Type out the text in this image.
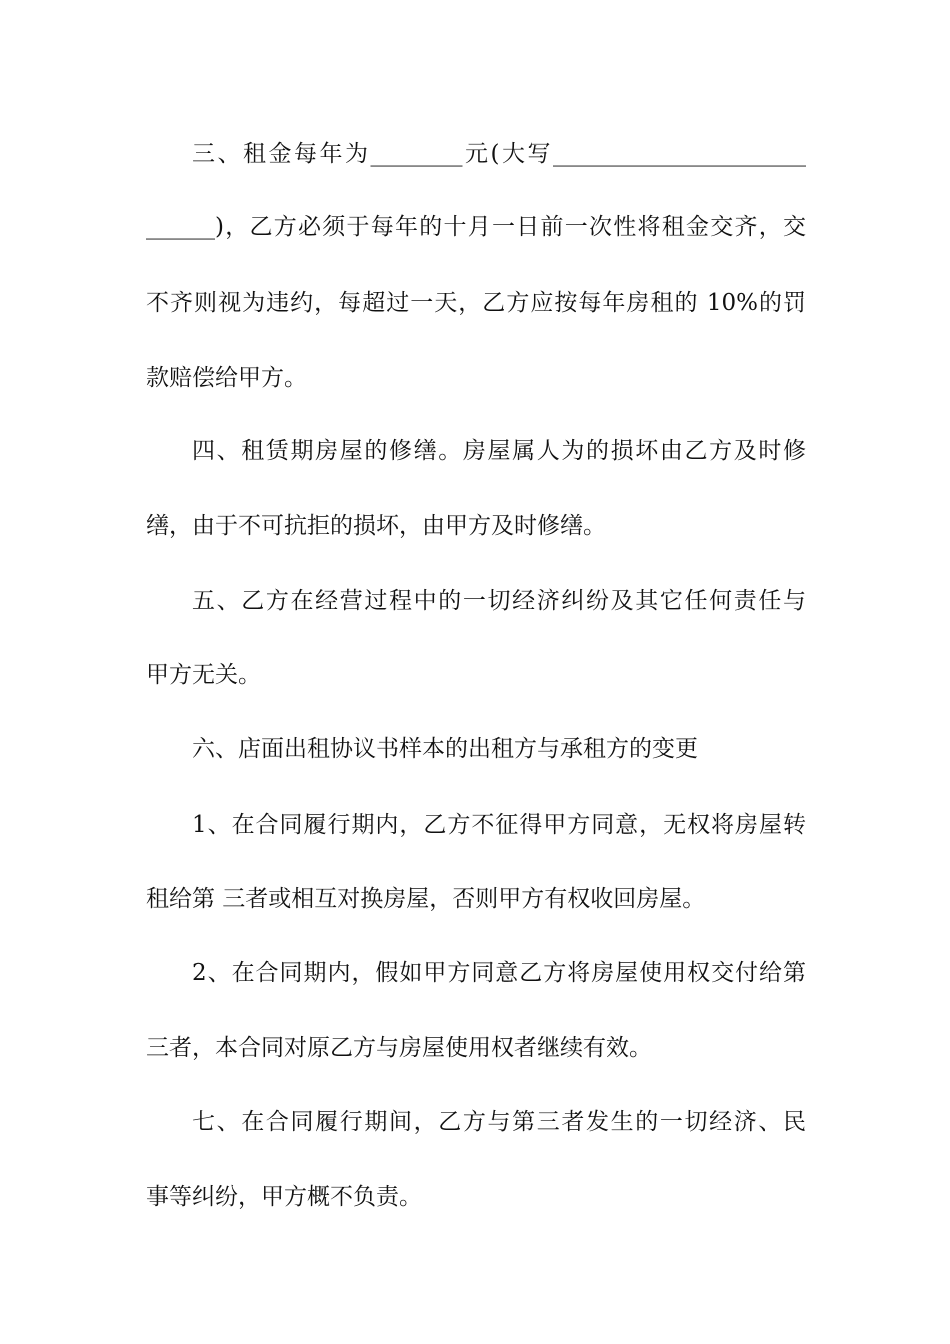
三、租金每年为________元(大写______________________
______)，乙方必须于每年的十月一日前一次性将租金交齐，交
不齐则视为违约，每超过一天，乙方应按每年房租的 10%的罚
款赔偿给甲方。
四、租赁期房屋的修缮。房屋属人为的损坏由乙方及时修
缮，由于不可抗拒的损坏，由甲方及时修缮。
五、乙方在经营过程中的一切经济纠纷及其它任何责任与
甲方无关。
六、店面出租协议书样本的出租方与承租方的变更
1、在合同履行期内，乙方不征得甲方同意，无权将房屋转
租给第 三者或相互对换房屋，否则甲方有权收回房屋。
2、在合同期内，假如甲方同意乙方将房屋使用权交付给第
三者，本合同对原乙方与房屋使用权者继续有效。
七、在合同履行期间，乙方与第三者发生的一切经济、民
事等纠纷，甲方概不负责。
